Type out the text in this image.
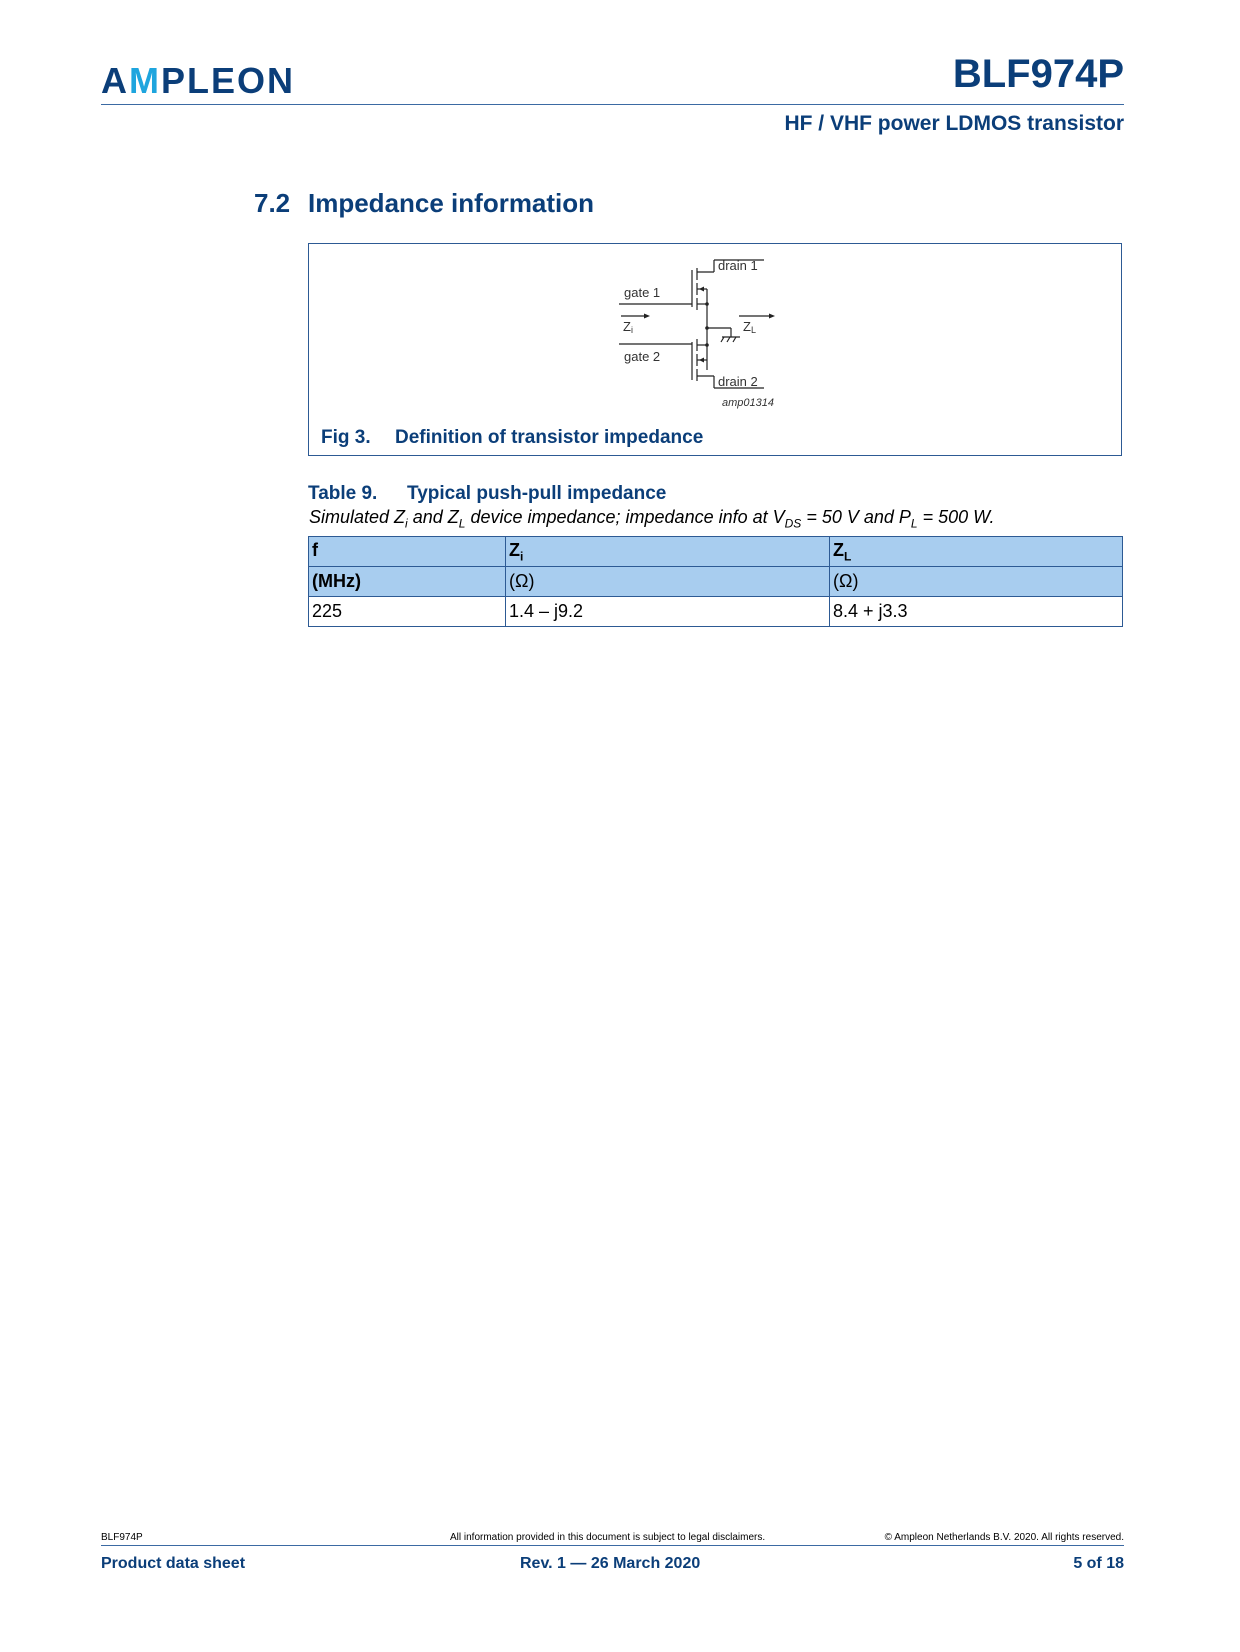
AMPLEON	BLF974P
HF / VHF power LDMOS transistor
7.2 Impedance information
drain 1
gate 1
Zi	ZL
gate 2
drain 2
amp01314
Fig 3. Definition of transistor impedance
Table 9. Typical push-pull impedance
Simulated $Z_i$ and $Z_L$ device impedance; impedance info at $V_{DS} = 50$ V and $P_L = 500$ W.
f	$Z_i$	$Z_L$
(MHz)	(Ω)	(Ω)
225	1.4 – j9.2	8.4 + j3.3
BLF974P	All information provided in this document is subject to legal disclaimers.	© Ampleon Netherlands B.V. 2020. All rights reserved.
Product data sheet	Rev. 1 — 26 March 2020	5 of 18
